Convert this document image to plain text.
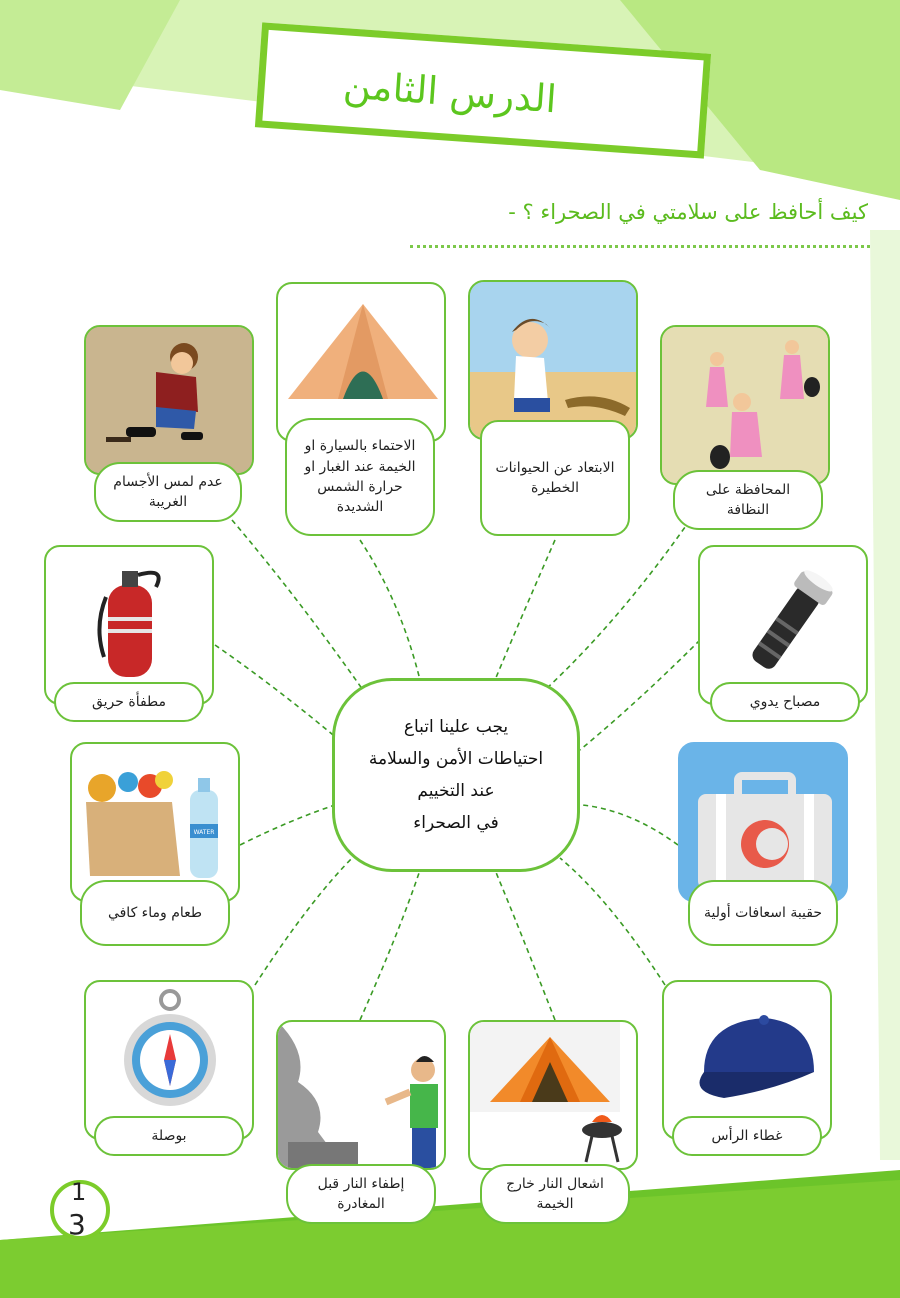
الدرس الثامن
كيف أحافظ على سلامتي في الصحراء ؟ -
عدم لمس الأجسام الغريبة
الاحتماء بالسيارة او الخيمة عند الغبار او حرارة الشمس الشديدة
الابتعاد عن الحيوانات الخطيرة	المحافظة على النظافة
مطفأة حريق	مصباح يدوي
WATER
طعام وماء كافي	حقيبة اسعافات أولية
بوصلة
إطفاء النار قبل المغادرة
اشعال النار خارج الخيمة
غطاء الرأس
يجب علينا اتباع
احتياطات الأمن والسلامة
عند التخييم
في الصحراء
1
3
